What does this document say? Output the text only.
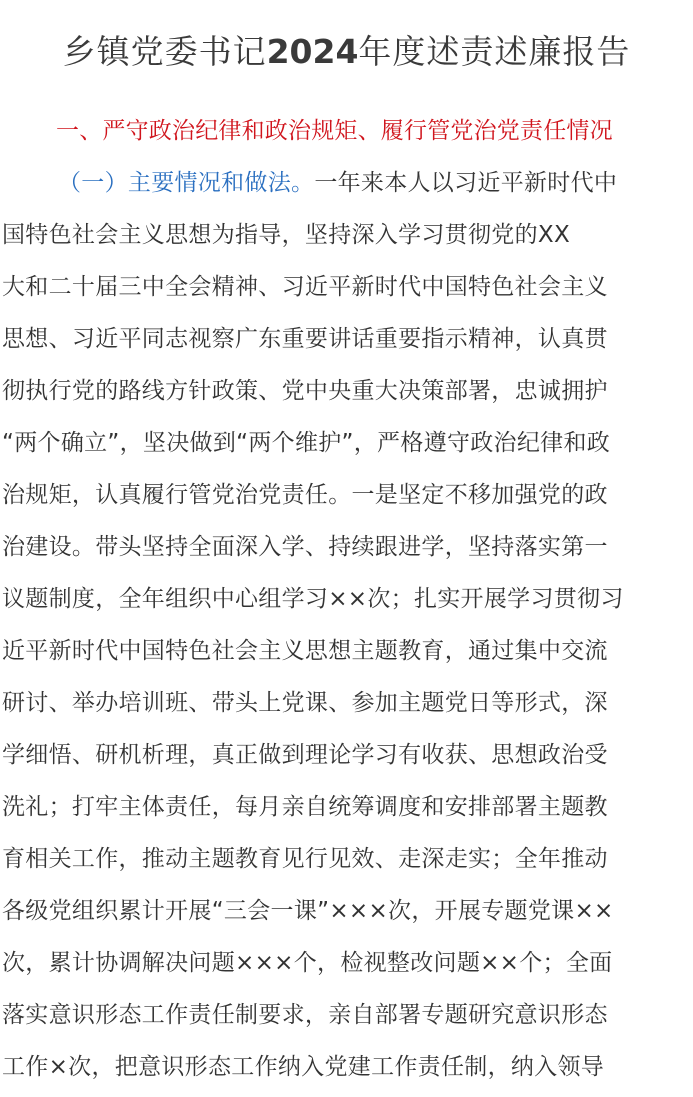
乡镇党委书记2024年度述责述廉报告
一、严守政治纪律和政治规矩、履行管党治党责任情况
（一）主要情况和做法。一年来本人以习近平新时代中
国特色社会主义思想为指导，坚持深入学习贯彻党的XX
大和二十届三中全会精神、习近平新时代中国特色社会主义
思想、习近平同志视察广东重要讲话重要指示精神，认真贯
彻执行党的路线方针政策、党中央重大决策部署，忠诚拥护
“两个确立”，坚决做到“两个维护”，严格遵守政治纪律和政
治规矩，认真履行管党治党责任。一是坚定不移加强党的政
治建设。带头坚持全面深入学、持续跟进学，坚持落实第一
议题制度，全年组织中心组学习××次；扎实开展学习贯彻习
近平新时代中国特色社会主义思想主题教育，通过集中交流
研讨、举办培训班、带头上党课、参加主题党日等形式，深
学细悟、研机析理，真正做到理论学习有收获、思想政治受
洗礼；打牢主体责任，每月亲自统筹调度和安排部署主题教
育相关工作，推动主题教育见行见效、走深走实；全年推动
各级党组织累计开展“三会一课”×××次，开展专题党课××
次，累计协调解决问题×××个，检视整改问题××个；全面
落实意识形态工作责任制要求，亲自部署专题研究意识形态
工作×次，把意识形态工作纳入党建工作责任制，纳入领导
